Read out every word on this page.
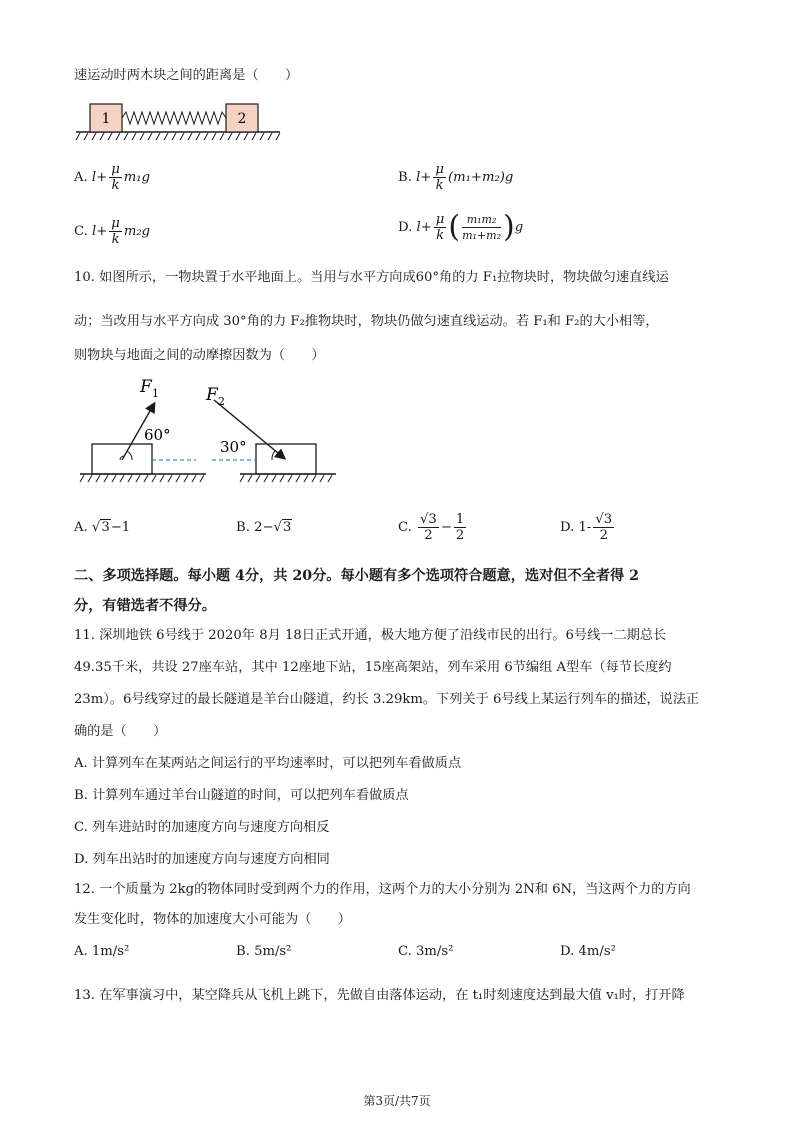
速运动时两木块之间的距离是（　　）
1	2
A. $l+ \frac{\mu}{k} m_1g$	B. $l+ \frac{\mu}{k} (m_1+m_2)g$
C. $l+ \frac{\mu}{k} m_2g$	D. $l+ \frac{\mu}{k}$ ( $\frac{\text{m₁m₂}}{\text{m₁+m₂}} )g$
10. 如图所示，一物块置于水平地面上。当用与水平方向成60°角的力 F₁拉物块时，物块做匀速直线运
动；当改用与水平方向成 30°角的力 F₂推物块时，物块仍做匀速直线运动。若 F₁和 F₂的大小相等，
则物块与地面之间的动摩擦因数为（　　）
F 1
60°
F 2
30°
A. √3−1	B. 2−√3	C. $\frac{√3}{2} - \frac{1}{2}$	D. $1- \frac{√3}{2}$
二、多项选择题。每小题 4分，共 20分。每小题有多个选项符合题意，选对但不全者得 2
分，有错选者不得分。
11. 深圳地铁 6号线于 2020年 8月 18日正式开通，极大地方便了沿线市民的出行。6号线一二期总长
49.35千米，共设 27座车站，其中 12座地下站，15座高架站，列车采用 6节编组 A型车（每节长度约
23m）。6号线穿过的最长隧道是羊台山隧道，约长 3.29km。下列关于 6号线上某运行列车的描述，说法正
确的是（　　）
A. 计算列车在某两站之间运行的平均速率时，可以把列车看做质点
B. 计算列车通过羊台山隧道的时间，可以把列车看做质点
C. 列车进站时的加速度方向与速度方向相反
D. 列车出站时的加速度方向与速度方向相同
12. 一个质量为 2kg的物体同时受到两个力的作用，这两个力的大小分别为 2N和 6N，当这两个力的方向
发生变化时，物体的加速度大小可能为（　　）
A. 1m/s²	B. 5m/s²	C. 3m/s²	D. 4m/s²
13. 在军事演习中，某空降兵从飞机上跳下，先做自由落体运动，在 t₁时刻速度达到最大值 v₁时，打开降
第3页/共7页
